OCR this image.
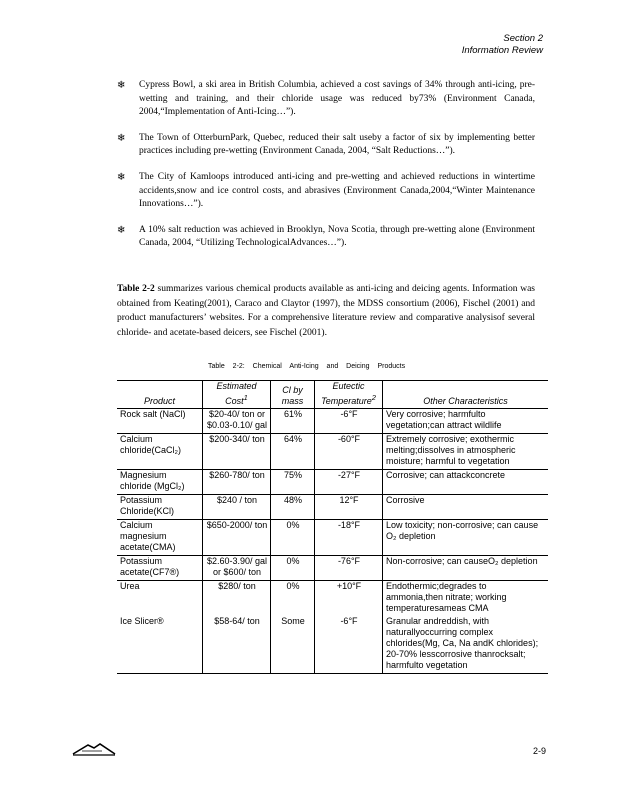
Section 2
Information Review
❄ Cypress Bowl, a ski area in British Columbia, achieved a cost savings of 34% through anti-icing, pre-wetting and training, and their chloride usage was reduced by73% (Environment Canada, 2004,“Implementation of Anti-Icing…”).
❄ The Town of OtterburnPark, Quebec, reduced their salt useby a factor of six by implementing better practices including pre-wetting (Environment Canada, 2004, “Salt Reductions…”).
❄ The City of Kamloops introduced anti-icing and pre-wetting and achieved reductions in wintertime accidents,snow and ice control costs, and abrasives (Environment Canada,2004,“Winter Maintenance Innovations…”).
❄ A 10% salt reduction was achieved in Brooklyn, Nova Scotia, through pre-wetting alone (Environment Canada, 2004, “Utilizing TechnologicalAdvances…”).
Table 2-2 summarizes various chemical products available as anti-icing and deicing agents. Information was obtained from Keating(2001), Caraco and Claytor (1997), the MDSS consortium (2006), Fischel (2001) and product manufacturers’ websites. For a comprehensive literature review and comparative analysisof several chloride- and acetate-based deicers, see Fischel (2001).
Table 2-2: Chemical Anti-Icing and Deicing Products
Product	Estimated Cost$^1$	Cl by mass	Eutectic Temperature$^2$	Other Characteristics
Rock salt (NaCl)	$20-40/ ton or $0.03-0.10/ gal	61%	-6°F	Very corrosive; harmfulto vegetation;can attract wildlife
Calcium chloride(CaCl₂)	$200-340/ ton	64%	-60°F	Extremely corrosive; exothermic melting;dissolves in atmospheric moisture; harmful to vegetation
Magnesium chloride (MgCl₂)	$260-780/ ton	75%	-27°F	Corrosive; can attackconcrete
Potassium Chloride(KCl)	$240 / ton	48%	12°F	Corrosive
Calcium magnesium acetate(CMA)	$650-2000/ ton	0%	-18°F	Low toxicity; non-corrosive; can cause O₂ depletion
Potassium acetate(CF7®)	$2.60-3.90/ gal or $600/ ton	0%	-76°F	Non-corrosive; can causeO₂ depletion
Urea	$280/ ton	0%	+10°F	Endothermic;degrades to ammonia,then nitrate; working temperaturesameas CMA
Ice Slicer®	$58-64/ ton	Some	-6°F	Granular andreddish, with naturallyoccurring complex chlorides(Mg, Ca, Na andK chlorides); 20-70% lesscorrosive thanrocksalt; harmfulto vegetation
2-9
